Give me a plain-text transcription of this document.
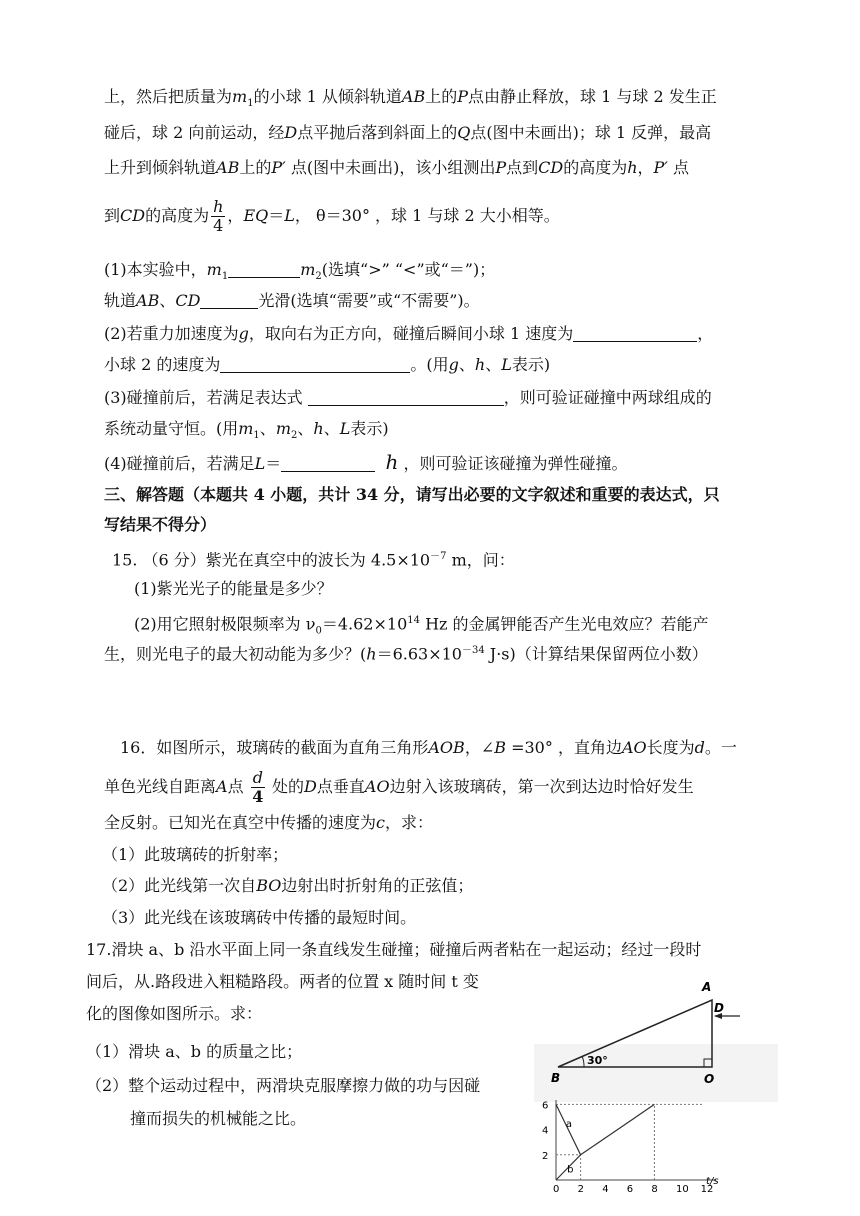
上，然后把质量为$m_1$的小球 1 从倾斜轨道AB上的P点由静止释放，球 1 与球 2 发生正
碰后，球 2 向前运动，经D点平抛后落到斜面上的Q点(图中未画出)；球 1 反弹，最高
上升到倾斜轨道AB上的P′ 点(图中未画出)，该小组测出P点到CD的高度为h，P′ 点
到CD的高度为 $\frac{h}{4}$ ，EQ＝L， θ＝30° ，球 1 与球 2 大小相等。
(1)本实验中，$m_1$	$m_2$(选填“>” “<”或“＝”)；
轨道AB、CD	光滑(选填“需要”或“不需要”)。
(2)若重力加速度为g，取向右为正方向，碰撞后瞬间小球 1 速度为	，
小球 2 的速度为	。(用g、h、L表示)
(3)碰撞前后，若满足表达式	，则可验证碰撞中两球组成的
系统动量守恒。(用$m_1$、$m_2$、h、L表示)
(4)碰撞前后，若满足L＝	h ，则可验证该碰撞为弹性碰撞。
三、解答题（本题共 4 小题，共计 34 分，请写出必要的文字叙述和重要的表达式，只
写结果不得分）
15. （6 分）紫光在真空中的波长为 $4.5\times 10^{-7}$ m，问：
(1)紫光光子的能量是多少？
(2)用它照射极限频率为 $\nu_0=4.62\times 10^{14}$ Hz 的金属钾能否产生光电效应？若能产
生，则光电子的最大初动能为多少？($h=6.63\times 10^{-34}$ J·s)（计算结果保留两位小数）
16．如图所示，玻璃砖的截面为直角三角形AOB，∠B =30° ，直角边AO长度为d。一
单色光线自距离A点 $\frac{d}{4}$ 处的D点垂直AO边射入该玻璃砖，第一次到达边时恰好发生
全反射。已知光在真空中传播的速度为c，求：
（1）此玻璃砖的折射率；
（2）此光线第一次自BO边射出时折射角的正弦值；
（3）此光线在该玻璃砖中传播的最短时间。
17.滑块 a、b 沿水平面上同一条直线发生碰撞；碰撞后两者粘在一起运动；经过一段时
间后，从.路段进入粗糙路段。两者的位置 x 随时间 t 变
化的图像如图所示。求：
（1）滑块 a、b 的质量之比；
（2）整个运动过程中，两滑块克服摩擦力做的功与因碰
撞而损失的机械能之比。
A
D
B	O
30°
6
4
2
0 2 4 6 8 10 12
a
b
t/s
